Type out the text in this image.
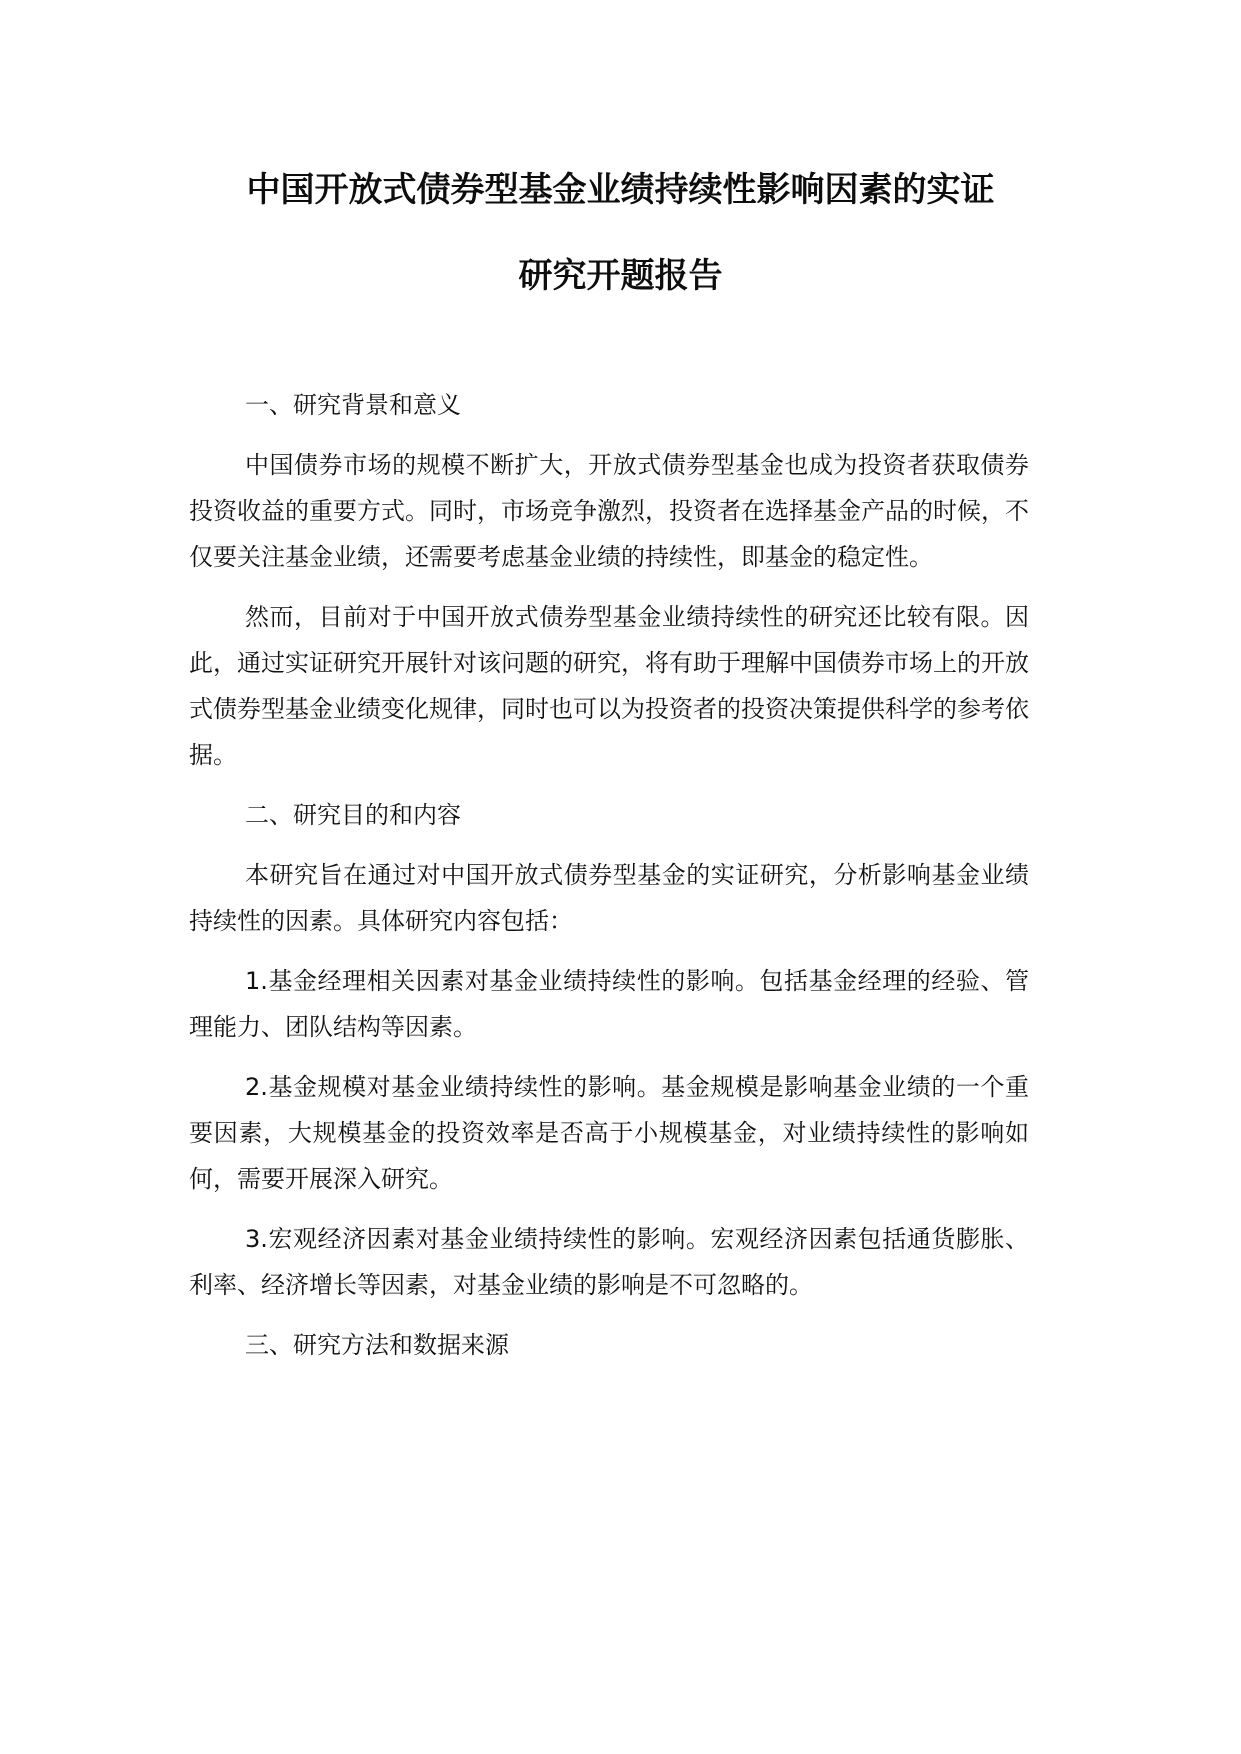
中国开放式债券型基金业绩持续性影响因素的实证
研究开题报告

一、研究背景和意义

中国债券市场的规模不断扩大，开放式债券型基金也成为投资者获取债券投资收益的重要方式。同时，市场竞争激烈，投资者在选择基金产品的时候，不仅要关注基金业绩，还需要考虑基金业绩的持续性，即基金的稳定性。

然而，目前对于中国开放式债券型基金业绩持续性的研究还比较有限。因此，通过实证研究开展针对该问题的研究，将有助于理解中国债券市场上的开放式债券型基金业绩变化规律，同时也可以为投资者的投资决策提供科学的参考依据。

二、研究目的和内容

本研究旨在通过对中国开放式债券型基金的实证研究，分析影响基金业绩持续性的因素。具体研究内容包括：

1.基金经理相关因素对基金业绩持续性的影响。包括基金经理的经验、管理能力、团队结构等因素。

2.基金规模对基金业绩持续性的影响。基金规模是影响基金业绩的一个重要因素，大规模基金的投资效率是否高于小规模基金，对业绩持续性的影响如何，需要开展深入研究。

3.宏观经济因素对基金业绩持续性的影响。宏观经济因素包括通货膨胀、利率、经济增长等因素，对基金业绩的影响是不可忽略的。

三、研究方法和数据来源
